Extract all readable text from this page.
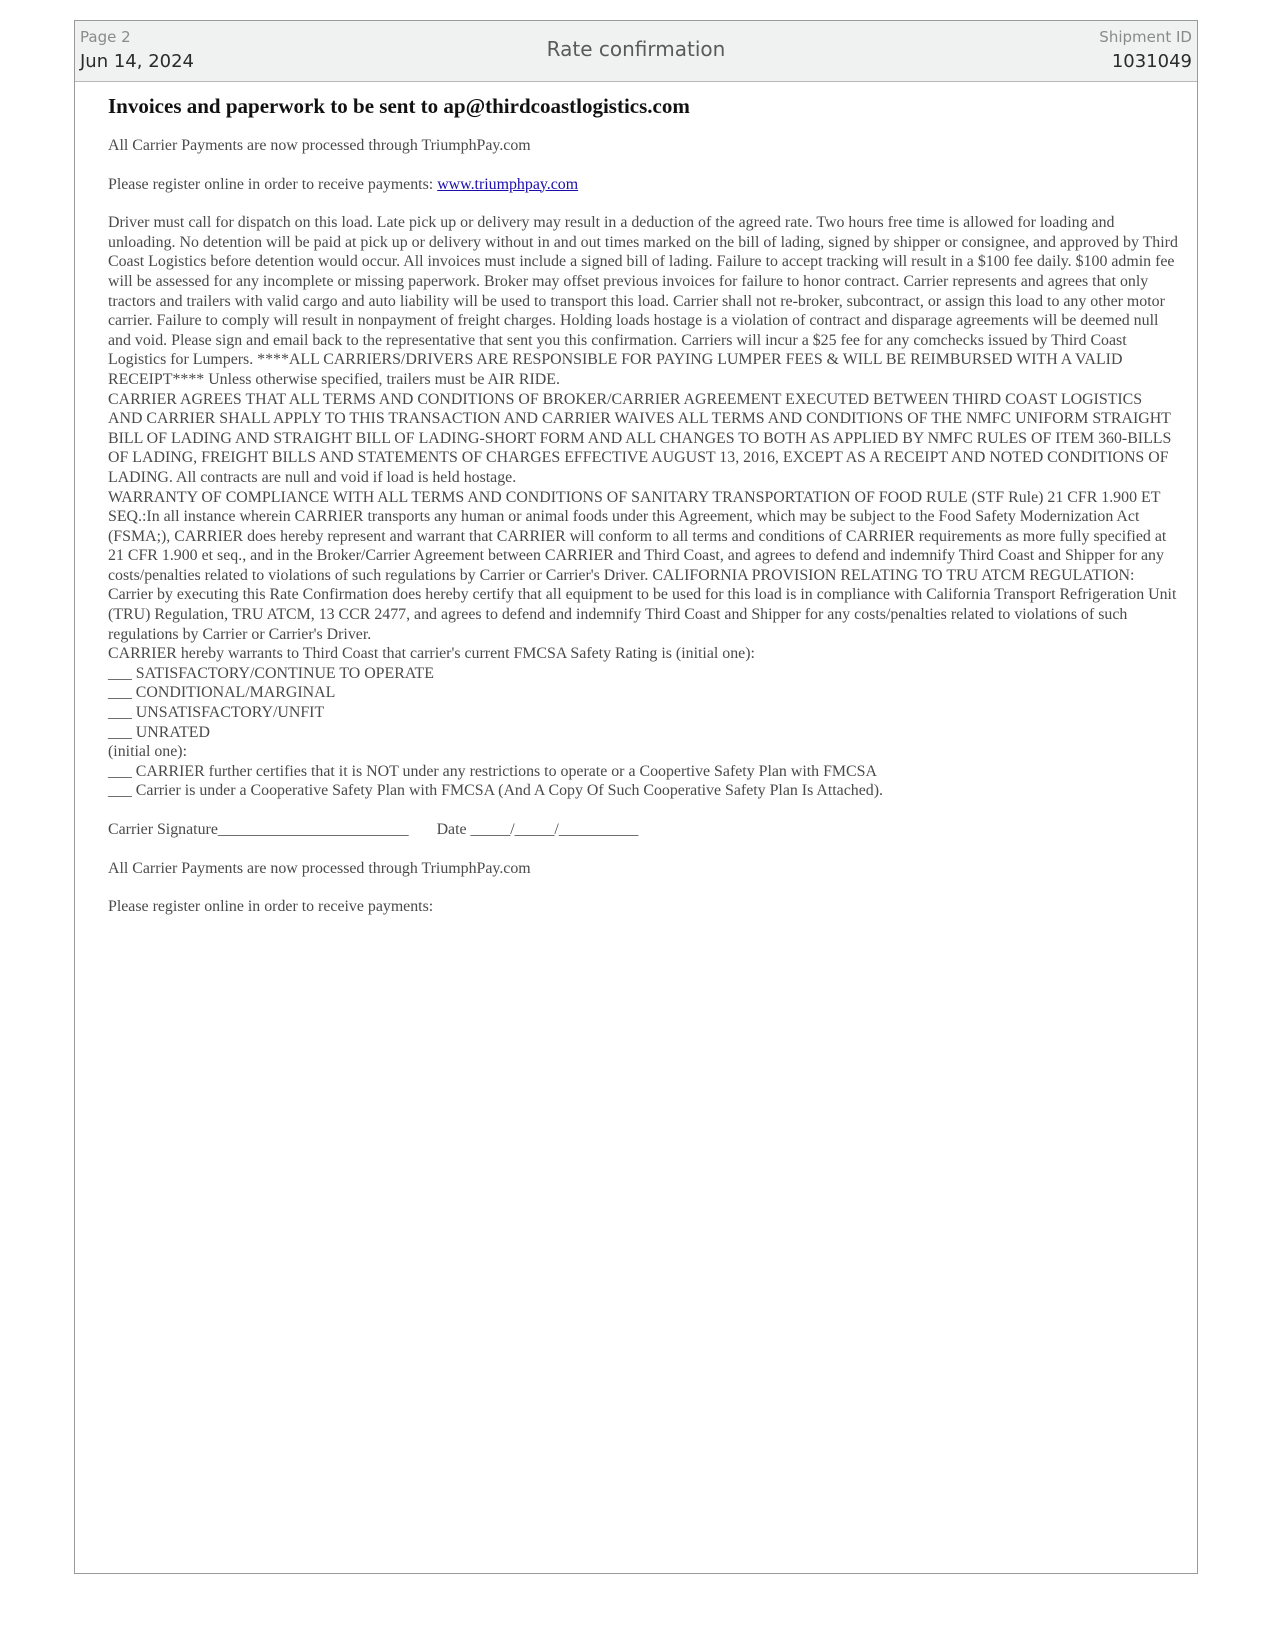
Page 2
Jun 14, 2024
Rate confirmation	Shipment ID
1031049
Invoices and paperwork to be sent to ap@thirdcoastlogistics.com
All Carrier Payments are now processed through TriumphPay.com
Please register online in order to receive payments: www.triumphpay.com

Driver must call for dispatch on this load. Late pick up or delivery may result in a deduction of the agreed rate. Two hours free time is allowed for loading and unloading. No detention will be paid at pick up or delivery without in and out times marked on the bill of lading, signed by shipper or consignee, and approved by Third Coast Logistics before detention would occur. All invoices must include a signed bill of lading. Failure to accept tracking will result in a $100 fee daily. $100 admin fee will be assessed for any incomplete or missing paperwork. Broker may offset previous invoices for failure to honor contract. Carrier represents and agrees that only tractors and trailers with valid cargo and auto liability will be used to transport this load. Carrier shall not re-broker, subcontract, or assign this load to any other motor carrier. Failure to comply will result in nonpayment of freight charges. Holding loads hostage is a violation of contract and disparage agreements will be deemed null and void. Please sign and email back to the representative that sent you this confirmation. Carriers will incur a $25 fee for any comchecks issued by Third Coast Logistics for Lumpers. ****ALL CARRIERS/DRIVERS ARE RESPONSIBLE FOR PAYING LUMPER FEES & WILL BE REIMBURSED WITH A VALID RECEIPT**** Unless otherwise specified, trailers must be AIR RIDE.

CARRIER AGREES THAT ALL TERMS AND CONDITIONS OF BROKER/CARRIER AGREEMENT EXECUTED BETWEEN THIRD COAST LOGISTICS AND CARRIER SHALL APPLY TO THIS TRANSACTION AND CARRIER WAIVES ALL TERMS AND CONDITIONS OF THE NMFC UNIFORM STRAIGHT BILL OF LADING AND STRAIGHT BILL OF LADING-SHORT FORM AND ALL CHANGES TO BOTH AS APPLIED BY NMFC RULES OF ITEM 360-BILLS OF LADING, FREIGHT BILLS AND STATEMENTS OF CHARGES EFFECTIVE AUGUST 13, 2016, EXCEPT AS A RECEIPT AND NOTED CONDITIONS OF LADING. All contracts are null and void if load is held hostage.

WARRANTY OF COMPLIANCE WITH ALL TERMS AND CONDITIONS OF SANITARY TRANSPORTATION OF FOOD RULE (STF Rule) 21 CFR 1.900 ET SEQ.:In all instance wherein CARRIER transports any human or animal foods under this Agreement, which may be subject to the Food Safety Modernization Act (FSMA;), CARRIER does hereby represent and warrant that CARRIER will conform to all terms and conditions of CARRIER requirements as more fully specified at 21 CFR 1.900 et seq., and in the Broker/Carrier Agreement between CARRIER and Third Coast, and agrees to defend and indemnify Third Coast and Shipper for any costs/penalties related to violations of such regulations by Carrier or Carrier's Driver. CALIFORNIA PROVISION RELATING TO TRU ATCM REGULATION: Carrier by executing this Rate Confirmation does hereby certify that all equipment to be used for this load is in compliance with California Transport Refrigeration Unit (TRU) Regulation, TRU ATCM, 13 CCR 2477, and agrees to defend and indemnify Third Coast and Shipper for any costs/penalties related to violations of such regulations by Carrier or Carrier's Driver.

CARRIER hereby warrants to Third Coast that carrier's current FMCSA Safety Rating is (initial one):

___ SATISFACTORY/CONTINUE TO OPERATE

___ CONDITIONAL/MARGINAL

___ UNSATISFACTORY/UNFIT

___ UNRATED

(initial one):

___ CARRIER further certifies that it is NOT under any restrictions to operate or a Coopertive Safety Plan with FMCSA

___ Carrier is under a Cooperative Safety Plan with FMCSA (And A Copy Of Such Cooperative Safety Plan Is Attached).

Carrier Signature________________________ Date _____/_____/__________
All Carrier Payments are now processed through TriumphPay.com
Please register online in order to receive payments:
